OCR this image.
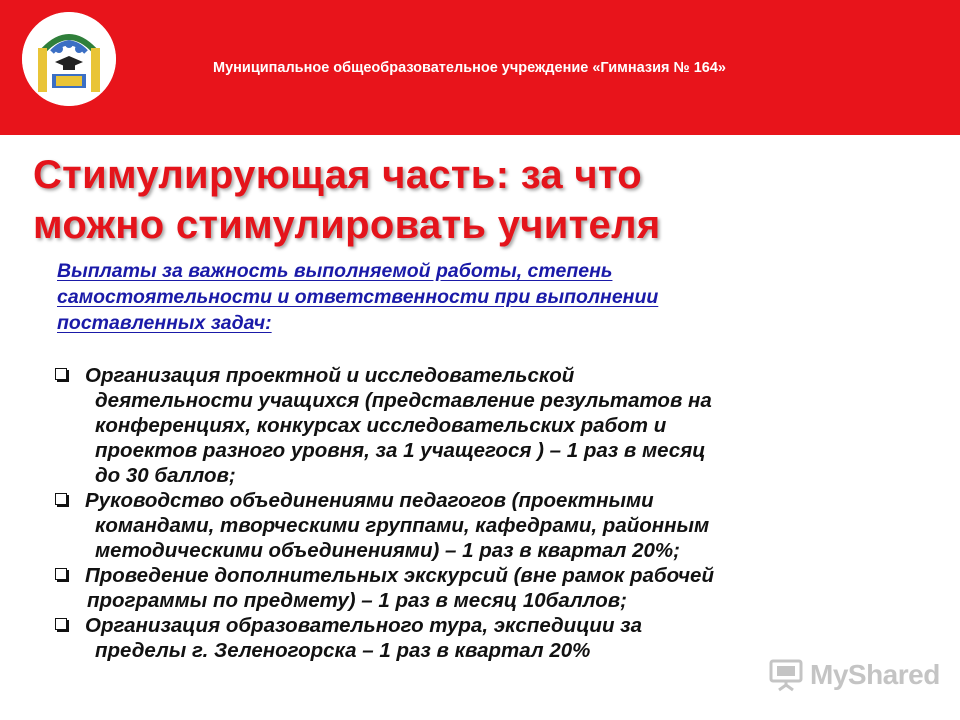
Муниципальное общеобразовательное учреждение «Гимназия № 164»
Стимулирующая часть: за что
можно стимулировать учителя
Выплаты за важность выполняемой работы, степень
самостоятельности и ответственности при выполнении
поставленных задач:
Организация проектной и исследовательской
деятельности учащихся (представление результатов на
конференциях, конкурсах исследовательских работ и
проектов разного уровня, за 1 учащегося ) – 1 раз в месяц
до 30 баллов;
Руководство объединениями педагогов (проектными
командами, творческими группами, кафедрами, районным
методическими объединениями) – 1 раз в квартал 20%;
Проведение дополнительных экскурсий (вне рамок рабочей
программы по предмету) – 1 раз в месяц 10баллов;
Организация образовательного тура, экспедиции за
пределы г. Зеленогорска – 1 раз в квартал 20%
MyShared
